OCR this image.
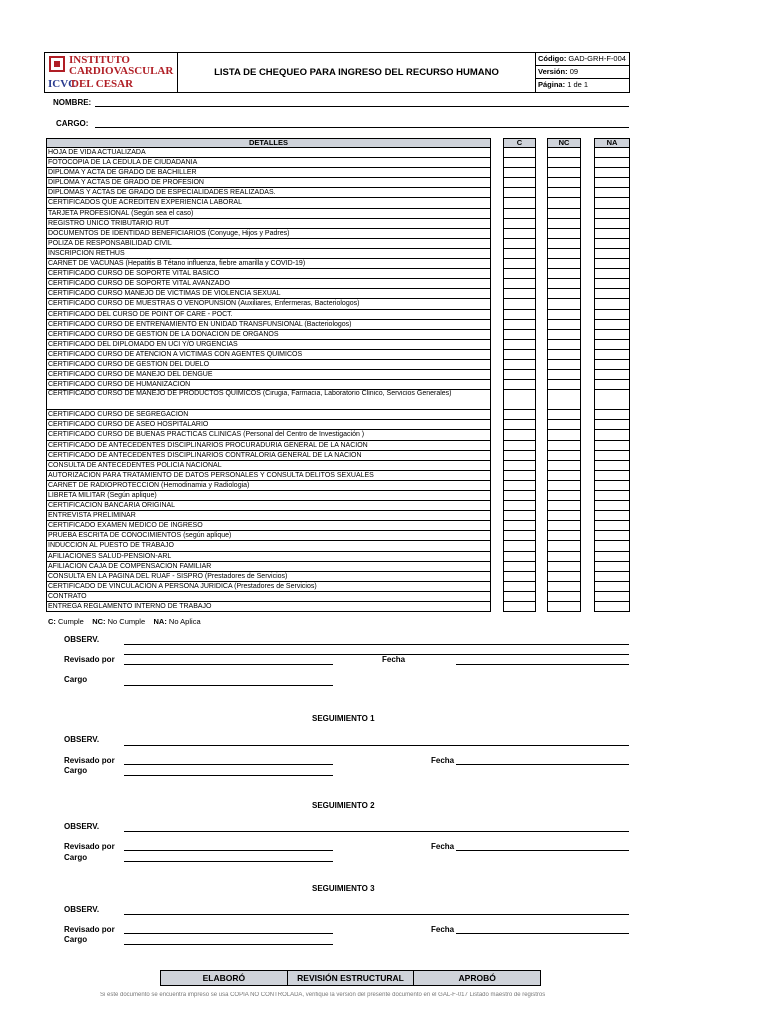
INSTITUTO
CARDIOVASCULAR
ICVC
DEL CESAR
LISTA DE CHEQUEO PARA INGRESO DEL RECURSO HUMANO
Código: GAD-GRH-F-004
Versión: 09
Página: 1 de 1
NOMBRE:
CARGO:
DETALLES	C	NC	NA
HOJA DE VIDA ACTUALIZADA
FOTOCOPIA DE LA CEDULA DE CIUDADANIA
DIPLOMA Y ACTA DE GRADO DE BACHILLER
DIPLOMA Y ACTAS DE GRADO DE PROFESION
DIPLOMAS Y ACTAS DE GRADO DE ESPECIALIDADES REALIZADAS.
CERTIFICADOS QUE ACREDITEN EXPERIENCIA LABORAL
TARJETA PROFESIONAL (Según sea el caso)
REGISTRO UNICO TRIBUTARIO RUT
DOCUMENTOS DE IDENTIDAD BENEFICIARIOS (Conyuge, Hijos y Padres)
POLIZA DE RESPONSABILIDAD CIVIL
INSCRIPCION RETHUS
CARNET DE VACUNAS (Hepatitis B Tétano influenza, fiebre amarilla y COVID-19)
CERTIFICADO CURSO DE SOPORTE VITAL BASICO
CERTIFICADO CURSO DE SOPORTE VITAL AVANZADO
CERTIFICADO CURSO MANEJO DE VICTIMAS DE VIOLENCIA SEXUAL
CERTIFICADO CURSO DE MUESTRAS O VENOPUNSION (Auxiliares, Enfermeras, Bacteriologos)
CERTIFICADO DEL CURSO DE POINT OF CARE - POCT.
CERTIFICADO CURSO DE ENTRENAMIENTO EN UNIDAD TRANSFUNSIONAL (Bacteriologos)
CERTIFICADO CURSO DE GESTION DE LA DONACION DE ORGANOS
CERTIFICADO DEL DIPLOMADO EN UCI Y/O URGENCIAS
CERTIFICADO CURSO DE ATENCION A VICTIMAS CON AGENTES QUIMICOS
CERTIFICADO CURSO DE GESTION DEL DUELO
CERTIFICADO CURSO DE MANEJO DEL DENGUE
CERTIFICADO CURSO DE HUMANIZACION
CERTIFICADO CURSO DE MANEJO DE PRODUCTOS QUIMICOS (Cirugia, Farmacia, Laboratorio Clinico, Servicios Generales)
CERTIFICADO CURSO DE SEGREGACION
CERTIFICADO CURSO DE ASEO HOSPITALARIO
CERTIFICADO CURSO DE BUENAS PRACTICAS CLINICAS (Personal del Centro de Investigación )
CERTIFICADO DE ANTECEDENTES DISCIPLINARIOS PROCURADURIA GENERAL DE LA NACION
CERTIFICADO DE ANTECEDENTES DISCIPLINARIOS CONTRALORIA GENERAL DE LA NACION
CONSULTA DE ANTECEDENTES POLICIA NACIONAL
AUTORIZACION PARA TRATAMIENTO DE DATOS PERSONALES Y CONSULTA DELITOS SEXUALES
CARNET DE RADIOPROTECCION (Hemodinamia y Radiologia)
LIBRETA MILITAR (Según aplique)
CERTIFICACION BANCARIA ORIGINAL
ENTREVISTA PRELIMINAR
CERTIFICADO EXAMEN MEDICO DE INGRESO
PRUEBA ESCRITA DE CONOCIMIENTOS (según aplique)
INDUCCION AL PUESTO DE TRABAJO
AFILIACIONES SALUD-PENSION-ARL
AFILIACION CAJA DE COMPENSACION FAMILIAR
CONSULTA EN LA PAGINA DEL RUAF - SISPRO (Prestadores de Servicios)
CERTIFICADO DE VINCULACION A PERSONA JURIDICA (Prestadores de Servicios)
CONTRATO
ENTREGA REGLAMENTO INTERNO DE TRABAJO
C: Cumple NC: No Cumple NA: No Aplica
OBSERV.
Revisado por	Fecha
Cargo
SEGUIMIENTO 1
OBSERV.
Revisado por	Fecha
Cargo
SEGUIMIENTO 2
OBSERV.
Revisado por	Fecha
Cargo
SEGUIMIENTO 3
OBSERV.
Revisado por	Fecha
Cargo
ELABORÓ	REVISIÓN ESTRUCTURAL	APROBÓ
Si este documento se encuentra impreso se usa COPIA NO CONTROLADA, verifique la versión del presente documento en el GAL-F-017 Listado maestro de registros
